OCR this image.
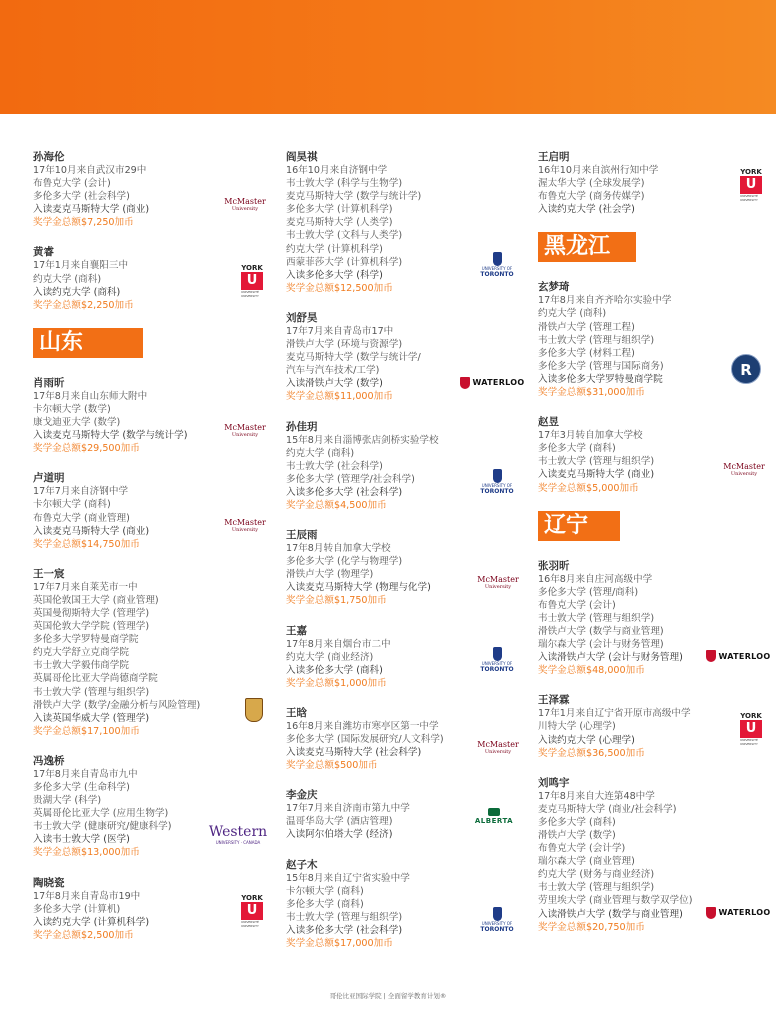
孙海伦
17年10月来自武汉市29中
布鲁克大学 (会计)
多伦多大学 (社会科学)
入读麦克马斯特大学 (商业)
奖学金总额$7,250加币
McMaster
University
黄睿
17年1月来自襄阳三中
约克大学 (商科)
入读约克大学 (商科)
奖学金总额$2,250加币
YORK
U
UNIVERSITÉ UNIVERSITY
山东
肖雨昕
17年8月来自山东师大附中
卡尔顿大学 (数学)
康戈迪亚大学 (数学)
入读麦克马斯特大学 (数学与统计学)
奖学金总额$29,500加币
McMaster
University
卢道明
17年7月来自济钢中学
卡尔顿大学 (商科)
布鲁克大学 (商业管理)
入读麦克马斯特大学 (商业)
奖学金总额$14,750加币
McMaster
University
王一宸
17年7月来自莱芜市一中
英国伦敦国王大学 (商业管理)
英国曼彻斯特大学 (管理学)
英国伦敦大学学院 (管理学)
多伦多大学罗特曼商学院
约克大学舒立克商学院
韦士敦大学毅伟商学院
英属哥伦比亚大学尚德商学院
韦士敦大学 (管理与组织学)
滑铁卢大学 (数学/金融分析与风险管理)
入读英国华威大学 (管理学)
奖学金总额$17,100加币
冯逸桥
17年8月来自青岛市九中
多伦多大学 (生命科学)
贵湖大学 (科学)
英属哥伦比亚大学 (应用生物学)
韦士敦大学 (健康研究/健康科学)
入读韦士敦大学 (医学)
奖学金总额$13,000加币
Western
UNIVERSITY · CANADA
陶晓瓷
17年8月来自青岛市19中
多伦多大学 (计算机)
入读约克大学 (计算机科学)
奖学金总额$2,500加币
YORK
U
UNIVERSITÉ UNIVERSITY
阎昊祺
16年10月来自济钢中学
韦士敦大学 (科学与生物学)
麦克马斯特大学 (数学与统计学)
多伦多大学 (计算机科学)
麦克马斯特大学 (人类学)
韦士敦大学 (文科与人类学)
约克大学 (计算机科学)
西蒙菲莎大学 (计算机科学)
入读多伦多大学 (科学)
奖学金总额$12,500加币
UNIVERSITY OF
TORONTO
刘舒昊
17年7月来自青岛市17中
滑铁卢大学 (环境与资源学)
麦克马斯特大学 (数学与统计学/
汽车与汽车技术/工学)
入读滑铁卢大学 (数学)
奖学金总额$11,000加币
WATERLOO
孙佳玥
15年8月来自淄博张店剑桥实验学校
约克大学 (商科)
韦士敦大学 (社会科学)
多伦多大学 (管理学/社会科学)
入读多伦多大学 (社会科学)
奖学金总额$4,500加币
UNIVERSITY OF
TORONTO
王辰雨
17年8月转自加拿大学校
多伦多大学 (化学与物理学)
滑铁卢大学 (物理学)
入读麦克马斯特大学 (物理与化学)
奖学金总额$1,750加币
McMaster
University
王嘉
17年8月来自烟台市二中
约克大学 (商业经济)
入读多伦多大学 (商科)
奖学金总额$1,000加币
UNIVERSITY OF
TORONTO
王晗
16年8月来自潍坊市寒亭区第一中学
多伦多大学 (国际发展研究/人文科学)
入读麦克马斯特大学 (社会科学)
奖学金总额$500加币
McMaster
University
李金庆
17年7月来自济南市第九中学
温哥华岛大学 (酒店管理)
入读阿尔伯塔大学 (经济)
ALBERTA
赵子木
15年8月来自辽宁省实验中学
卡尔顿大学 (商科)
多伦多大学 (商科)
韦士敦大学 (管理与组织学)
入读多伦多大学 (社会科学)
奖学金总额$17,000加币
UNIVERSITY OF
TORONTO
王启明
16年10月来自滨州行知中学
渥太华大学 (全球发展学)
布鲁克大学 (商务传媒学)
入读约克大学 (社会学)
YORK
U
UNIVERSITÉ UNIVERSITY
黑龙江
玄梦琦
17年8月来自齐齐哈尔实验中学
约克大学 (商科)
滑铁卢大学 (管理工程)
韦士敦大学 (管理与组织学)
多伦多大学 (材料工程)
多伦多大学 (管理与国际商务)
入读多伦多大学罗特曼商学院
奖学金总额$31,000加币
R
赵昱
17年3月转自加拿大学校
多伦多大学 (商科)
韦士敦大学 (管理与组织学)
入读麦克马斯特大学 (商业)
奖学金总额$5,000加币
McMaster
University
辽宁
张羽昕
16年8月来自庄河高级中学
多伦多大学 (管理/商科)
布鲁克大学 (会计)
韦士敦大学 (管理与组织学)
滑铁卢大学 (数学与商业管理)
瑞尔森大学 (会计与财务管理)
入读滑铁卢大学 (会计与财务管理)
奖学金总额$48,000加币
WATERLOO
王泽霖
17年1月来自辽宁省开原市高级中学
川特大学 (心理学)
入读约克大学 (心理学)
奖学金总额$36,500加币
YORK
U
UNIVERSITÉ UNIVERSITY
刘鸣宇
17年8月来自大连第48中学
麦克马斯特大学 (商业/社会科学)
多伦多大学 (商科)
滑铁卢大学 (数学)
布鲁克大学 (会计学)
瑞尔森大学 (商业管理)
约克大学 (财务与商业经济)
韦士敦大学 (管理与组织学)
劳里埃大学 (商业管理与数学双学位)
入读滑铁卢大学 (数学与商业管理)
奖学金总额$20,750加币
WATERLOO
哥伦比亚国际学院 | 全面留学教育计划®
